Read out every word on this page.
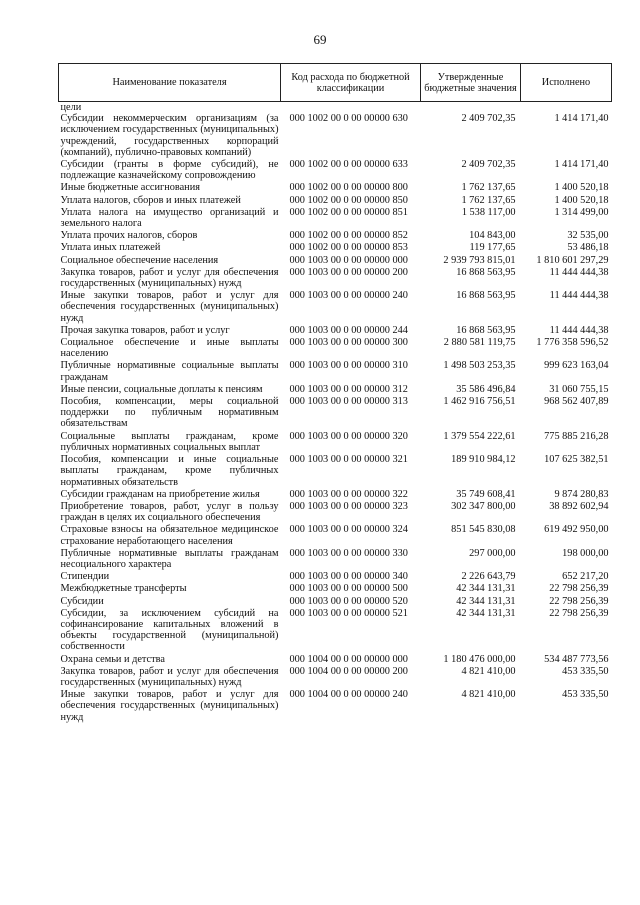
69
Наименование показателя	Код расхода по бюджетной классификации	Утвержденные бюджетные значения	Исполнено
цели			
Субсидии некоммерческим организациям (за исключением государственных (муниципальных) учреждений, государственных корпораций (компаний), публично-правовых компаний)	000 1002 00 0 00 00000 630	2 409 702,35	1 414 171,40
Субсидии (гранты в форме субсидий), не подлежащие казначейскому сопровождению	000 1002 00 0 00 00000 633	2 409 702,35	1 414 171,40
Иные бюджетные ассигнования	000 1002 00 0 00 00000 800	1 762 137,65	1 400 520,18
Уплата налогов, сборов и иных платежей	000 1002 00 0 00 00000 850	1 762 137,65	1 400 520,18
Уплата налога на имущество организаций и земельного налога	000 1002 00 0 00 00000 851	1 538 117,00	1 314 499,00
Уплата прочих налогов, сборов	000 1002 00 0 00 00000 852	104 843,00	32 535,00
Уплата иных платежей	000 1002 00 0 00 00000 853	119 177,65	53 486,18
Социальное обеспечение населения	000 1003 00 0 00 00000 000	2 939 793 815,01	1 810 601 297,29
Закупка товаров, работ и услуг для обеспечения государственных (муниципальных) нужд	000 1003 00 0 00 00000 200	16 868 563,95	11 444 444,38
Иные закупки товаров, работ и услуг для обеспечения государственных (муниципальных) нужд	000 1003 00 0 00 00000 240	16 868 563,95	11 444 444,38
Прочая закупка товаров, работ и услуг	000 1003 00 0 00 00000 244	16 868 563,95	11 444 444,38
Социальное обеспечение и иные выплаты населению	000 1003 00 0 00 00000 300	2 880 581 119,75	1 776 358 596,52
Публичные нормативные социальные выплаты гражданам	000 1003 00 0 00 00000 310	1 498 503 253,35	999 623 163,04
Иные пенсии, социальные доплаты к пенсиям	000 1003 00 0 00 00000 312	35 586 496,84	31 060 755,15
Пособия, компенсации, меры социальной поддержки по публичным нормативным обязательствам	000 1003 00 0 00 00000 313	1 462 916 756,51	968 562 407,89
Социальные выплаты гражданам, кроме публичных нормативных социальных выплат	000 1003 00 0 00 00000 320	1 379 554 222,61	775 885 216,28
Пособия, компенсации и иные социальные выплаты гражданам, кроме публичных нормативных обязательств	000 1003 00 0 00 00000 321	189 910 984,12	107 625 382,51
Субсидии гражданам на приобретение жилья	000 1003 00 0 00 00000 322	35 749 608,41	9 874 280,83
Приобретение товаров, работ, услуг в пользу граждан в целях их социального обеспечения	000 1003 00 0 00 00000 323	302 347 800,00	38 892 602,94
Страховые взносы на обязательное медицинское страхование неработающего населения	000 1003 00 0 00 00000 324	851 545 830,08	619 492 950,00
Публичные нормативные выплаты гражданам несоциального характера	000 1003 00 0 00 00000 330	297 000,00	198 000,00
Стипендии	000 1003 00 0 00 00000 340	2 226 643,79	652 217,20
Межбюджетные трансферты	000 1003 00 0 00 00000 500	42 344 131,31	22 798 256,39
Субсидии	000 1003 00 0 00 00000 520	42 344 131,31	22 798 256,39
Субсидии, за исключением субсидий на софинансирование капитальных вложений в объекты государственной (муниципальной) собственности	000 1003 00 0 00 00000 521	42 344 131,31	22 798 256,39
Охрана семьи и детства	000 1004 00 0 00 00000 000	1 180 476 000,00	534 487 773,56
Закупка товаров, работ и услуг для обеспечения государственных (муниципальных) нужд	000 1004 00 0 00 00000 200	4 821 410,00	453 335,50
Иные закупки товаров, работ и услуг для обеспечения государственных (муниципальных) нужд	000 1004 00 0 00 00000 240	4 821 410,00	453 335,50
